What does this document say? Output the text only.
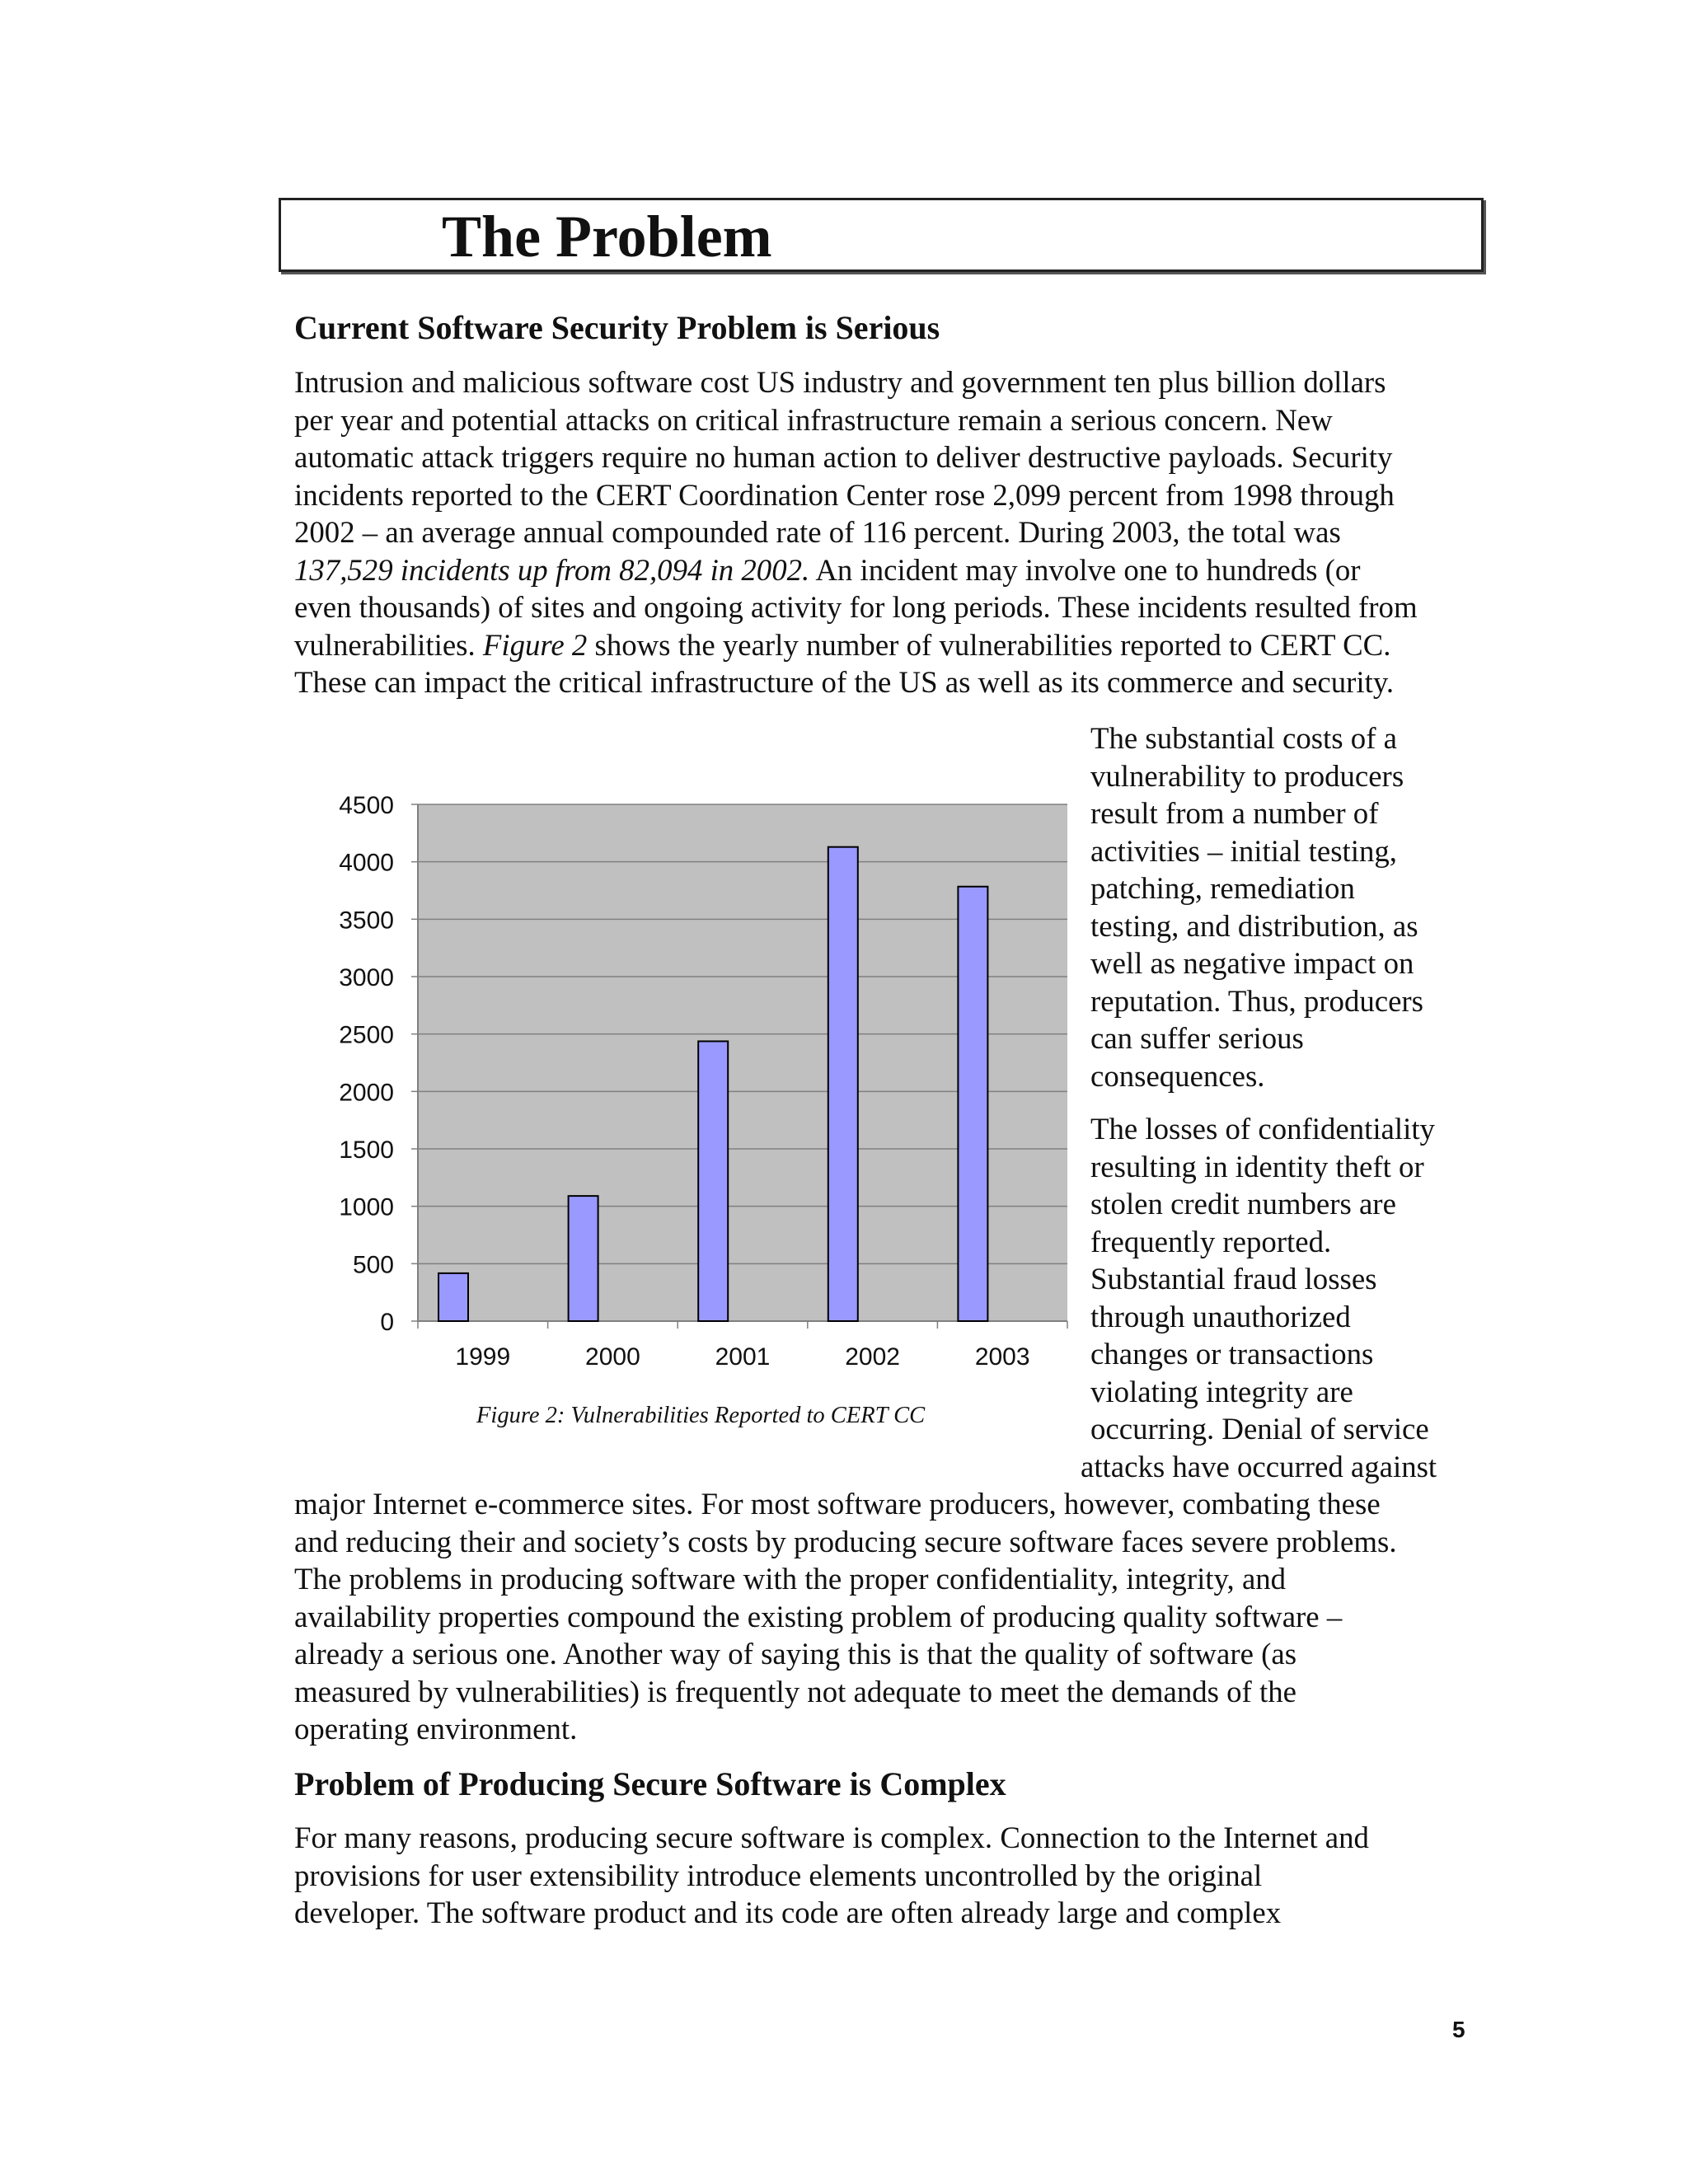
The Problem
Current Software Security Problem is Serious
Intrusion and malicious software cost US industry and government ten plus billion dollars
per year and potential attacks on critical infrastructure remain a serious concern. New
automatic attack triggers require no human action to deliver destructive payloads. Security
incidents reported to the CERT Coordination Center rose 2,099 percent from 1998 through
2002 – an average annual compounded rate of 116 percent. During 2003, the total was
137,529 incidents up from 82,094 in 2002. An incident may involve one to hundreds (or
even thousands) of sites and ongoing activity for long periods. These incidents resulted from
vulnerabilities. Figure 2 shows the yearly number of vulnerabilities reported to CERT CC.
These can impact the critical infrastructure of the US as well as its commerce and security.
The substantial costs of a
vulnerability to producers
result from a number of
activities – initial testing,
patching, remediation
testing, and distribution, as
well as negative impact on
reputation. Thus, producers
can suffer serious
consequences.
The losses of confidentiality
resulting in identity theft or
stolen credit numbers are
frequently reported.
Substantial fraud losses
through unauthorized
changes or transactions
violating integrity are
occurring. Denial of service
attacks have occurred against
major Internet e-commerce sites. For most software producers, however, combating these
and reducing their and society’s costs by producing secure software faces severe problems.
The problems in producing software with the proper confidentiality, integrity, and
availability properties compound the existing problem of producing quality software –
already a serious one. Another way of saying this is that the quality of software (as
measured by vulnerabilities) is frequently not adequate to meet the demands of the
operating environment.
Problem of Producing Secure Software is Complex
For many reasons, producing secure software is complex. Connection to the Internet and
provisions for user extensibility introduce elements uncontrolled by the original
developer. The software product and its code are often already large and complex
0
500
1000
1500
2000
2500
3000
3500
4000
4500
1999	2000	2001	2002	2003
Figure 2: Vulnerabilities Reported to CERT CC
5
